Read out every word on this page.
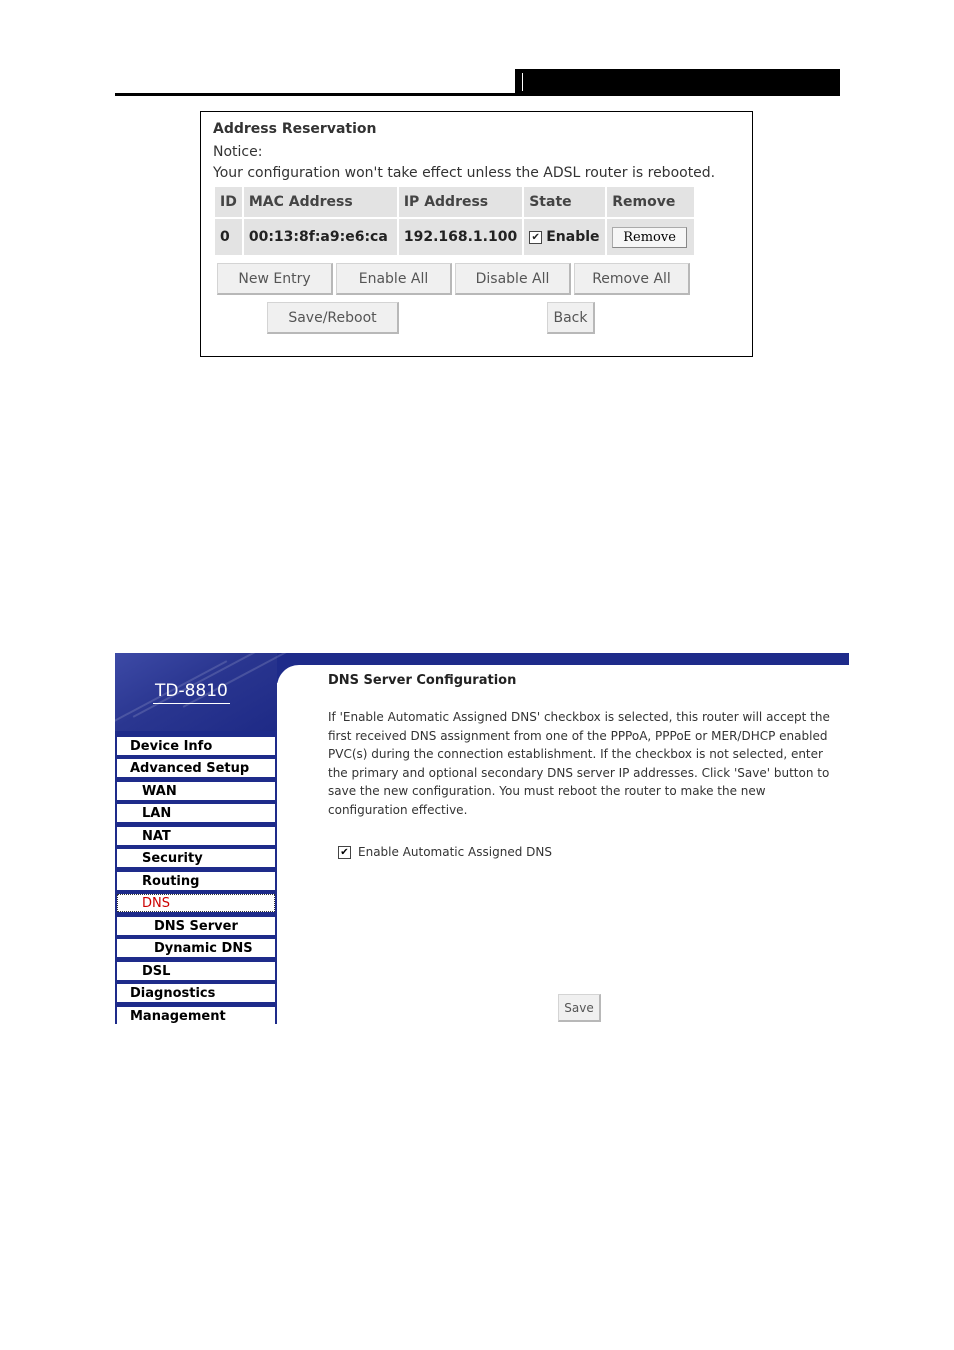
Address Reservation
Notice:
Your configuration won't take effect unless the ADSL router is rebooted.
ID	MAC Address	IP Address	State	Remove
0	00:13:8f:a9:e6:ca	192.168.1.100	✔ Enable	Remove
New Entry	Enable All	Disable All	Remove All
Save/Reboot	Back
TD-8810
Device Info
Advanced Setup
WAN
LAN
NAT
Security
Routing
DNS
DNS Server
Dynamic DNS
DSL
Diagnostics
Management
DNS Server Configuration
If 'Enable Automatic Assigned DNS' checkbox is selected, this router will accept the first received DNS assignment from one of the PPPoA, PPPoE or MER/DHCP enabled PVC(s) during the connection establishment. If the checkbox is not selected, enter the primary and optional secondary DNS server IP addresses. Click 'Save' button to save the new configuration. You must reboot the router to make the new configuration effective.
✔ Enable Automatic Assigned DNS
Save
